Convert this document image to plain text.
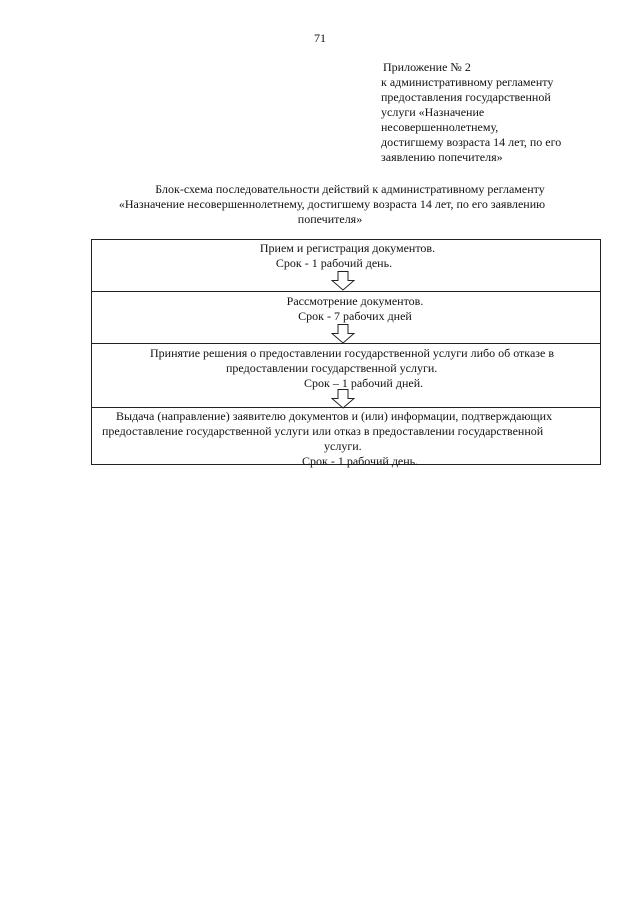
71
Приложение № 2
к административному регламенту
предоставления государственной
услуги «Назначение
несовершеннолетнему,
достигшему возраста 14 лет, по его
заявлению попечителя»
Блок-схема последовательности действий к административному регламенту
«Назначение несовершеннолетнему, достигшему возраста 14 лет, по его заявлению
попечителя»
Прием и регистрация документов.
Срок - 1 рабочий день.
Рассмотрение документов.
Срок - 7 рабочих дней
Принятие решения о предоставлении государственной услуги либо об отказе в
предоставлении государственной услуги.
Срок – 1 рабочий дней.
Выдача (направление) заявителю документов и (или) информации, подтверждающих
предоставление государственной услуги или отказ в предоставлении государственной
услуги.
Срок - 1 рабочий день.
